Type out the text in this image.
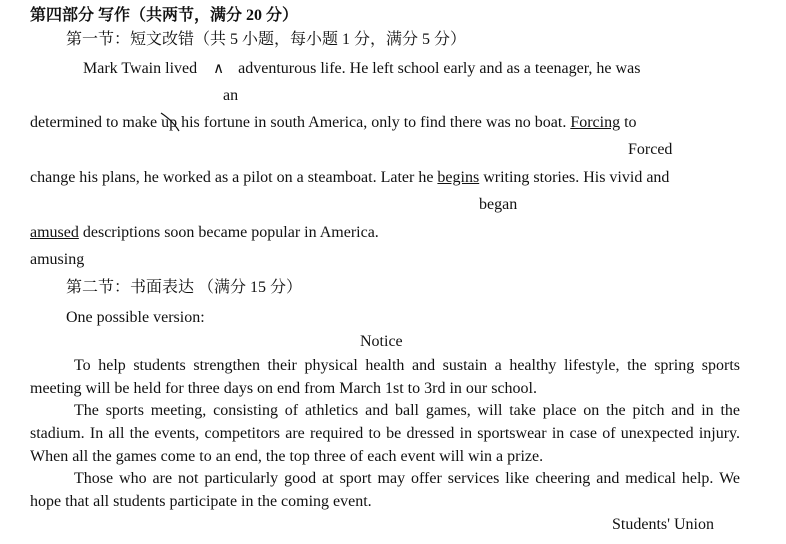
第四部分 写作（共两节，满分 20 分）
第一节：短文改错（共 5 小题，每小题 1 分，满分 5 分）
Mark Twain lived ∧ adventurous life. He left school early and as a teenager, he was
an
determined to make up his fortune in south America, only to find there was no boat. Forcing to
Forced
change his plans, he worked as a pilot on a steamboat. Later he begins writing stories. His vivid and
began
amused descriptions soon became popular in America.
amusing
第二节：书面表达 （满分 15 分）
One possible version:
Notice
To help students strengthen their physical health and sustain a healthy lifestyle, the spring sports meeting will be held for three days on end from March 1st to 3rd in our school.
The sports meeting, consisting of athletics and ball games, will take place on the pitch and in the stadium. In all the events, competitors are required to be dressed in sportswear in case of unexpected injury. When all the games come to an end, the top three of each event will win a prize.
Those who are not particularly good at sport may offer services like cheering and medical help. We hope that all students participate in the coming event.
Students' Union
